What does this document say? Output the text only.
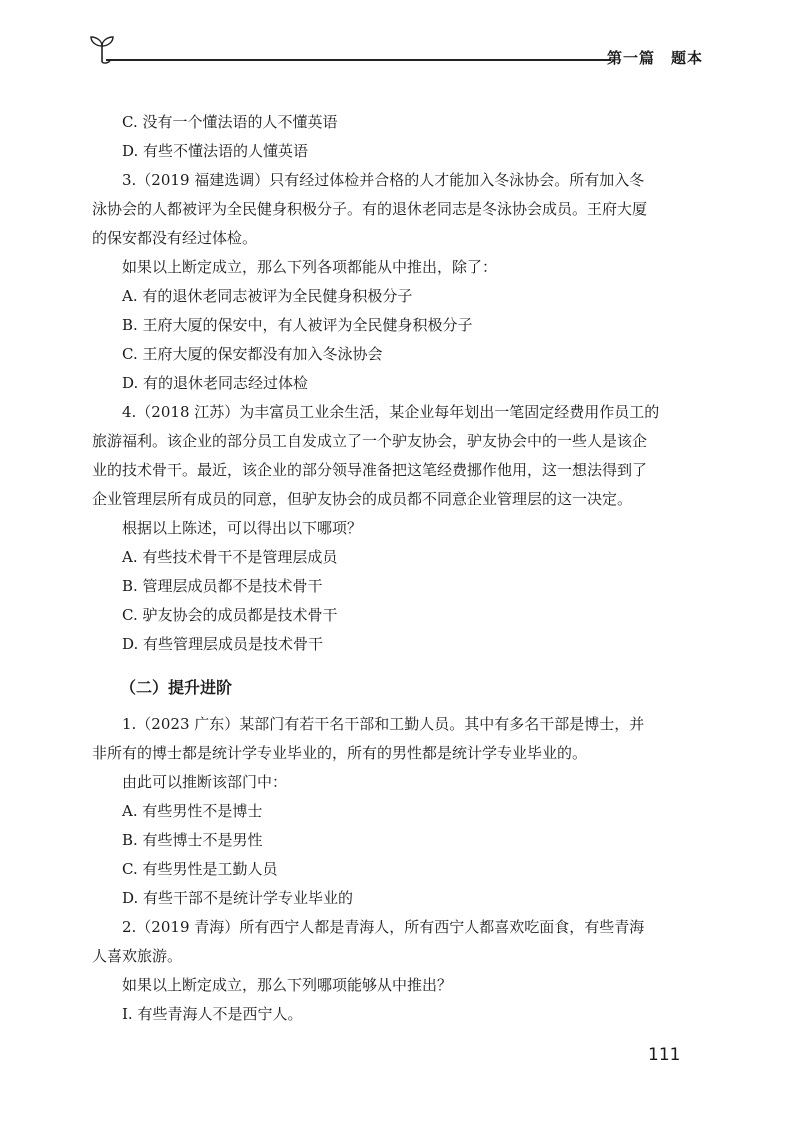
第一篇　题本
C. 没有一个懂法语的人不懂英语
D. 有些不懂法语的人懂英语
3.（2019 福建选调）只有经过体检并合格的人才能加入冬泳协会。所有加入冬
泳协会的人都被评为全民健身积极分子。有的退休老同志是冬泳协会成员。王府大厦
的保安都没有经过体检。
如果以上断定成立，那么下列各项都能从中推出，除了：
A. 有的退休老同志被评为全民健身积极分子
B. 王府大厦的保安中，有人被评为全民健身积极分子
C. 王府大厦的保安都没有加入冬泳协会
D. 有的退休老同志经过体检
4.（2018 江苏）为丰富员工业余生活，某企业每年划出一笔固定经费用作员工的
旅游福利。该企业的部分员工自发成立了一个驴友协会，驴友协会中的一些人是该企
业的技术骨干。最近，该企业的部分领导准备把这笔经费挪作他用，这一想法得到了
企业管理层所有成员的同意，但驴友协会的成员都不同意企业管理层的这一决定。
根据以上陈述，可以得出以下哪项？
A. 有些技术骨干不是管理层成员
B. 管理层成员都不是技术骨干
C. 驴友协会的成员都是技术骨干
D. 有些管理层成员是技术骨干
（二）提升进阶
1.（2023 广东）某部门有若干名干部和工勤人员。其中有多名干部是博士，并
非所有的博士都是统计学专业毕业的，所有的男性都是统计学专业毕业的。
由此可以推断该部门中：
A. 有些男性不是博士
B. 有些博士不是男性
C. 有些男性是工勤人员
D. 有些干部不是统计学专业毕业的
2.（2019 青海）所有西宁人都是青海人，所有西宁人都喜欢吃面食，有些青海
人喜欢旅游。
如果以上断定成立，那么下列哪项能够从中推出？
Ⅰ. 有些青海人不是西宁人。
111
